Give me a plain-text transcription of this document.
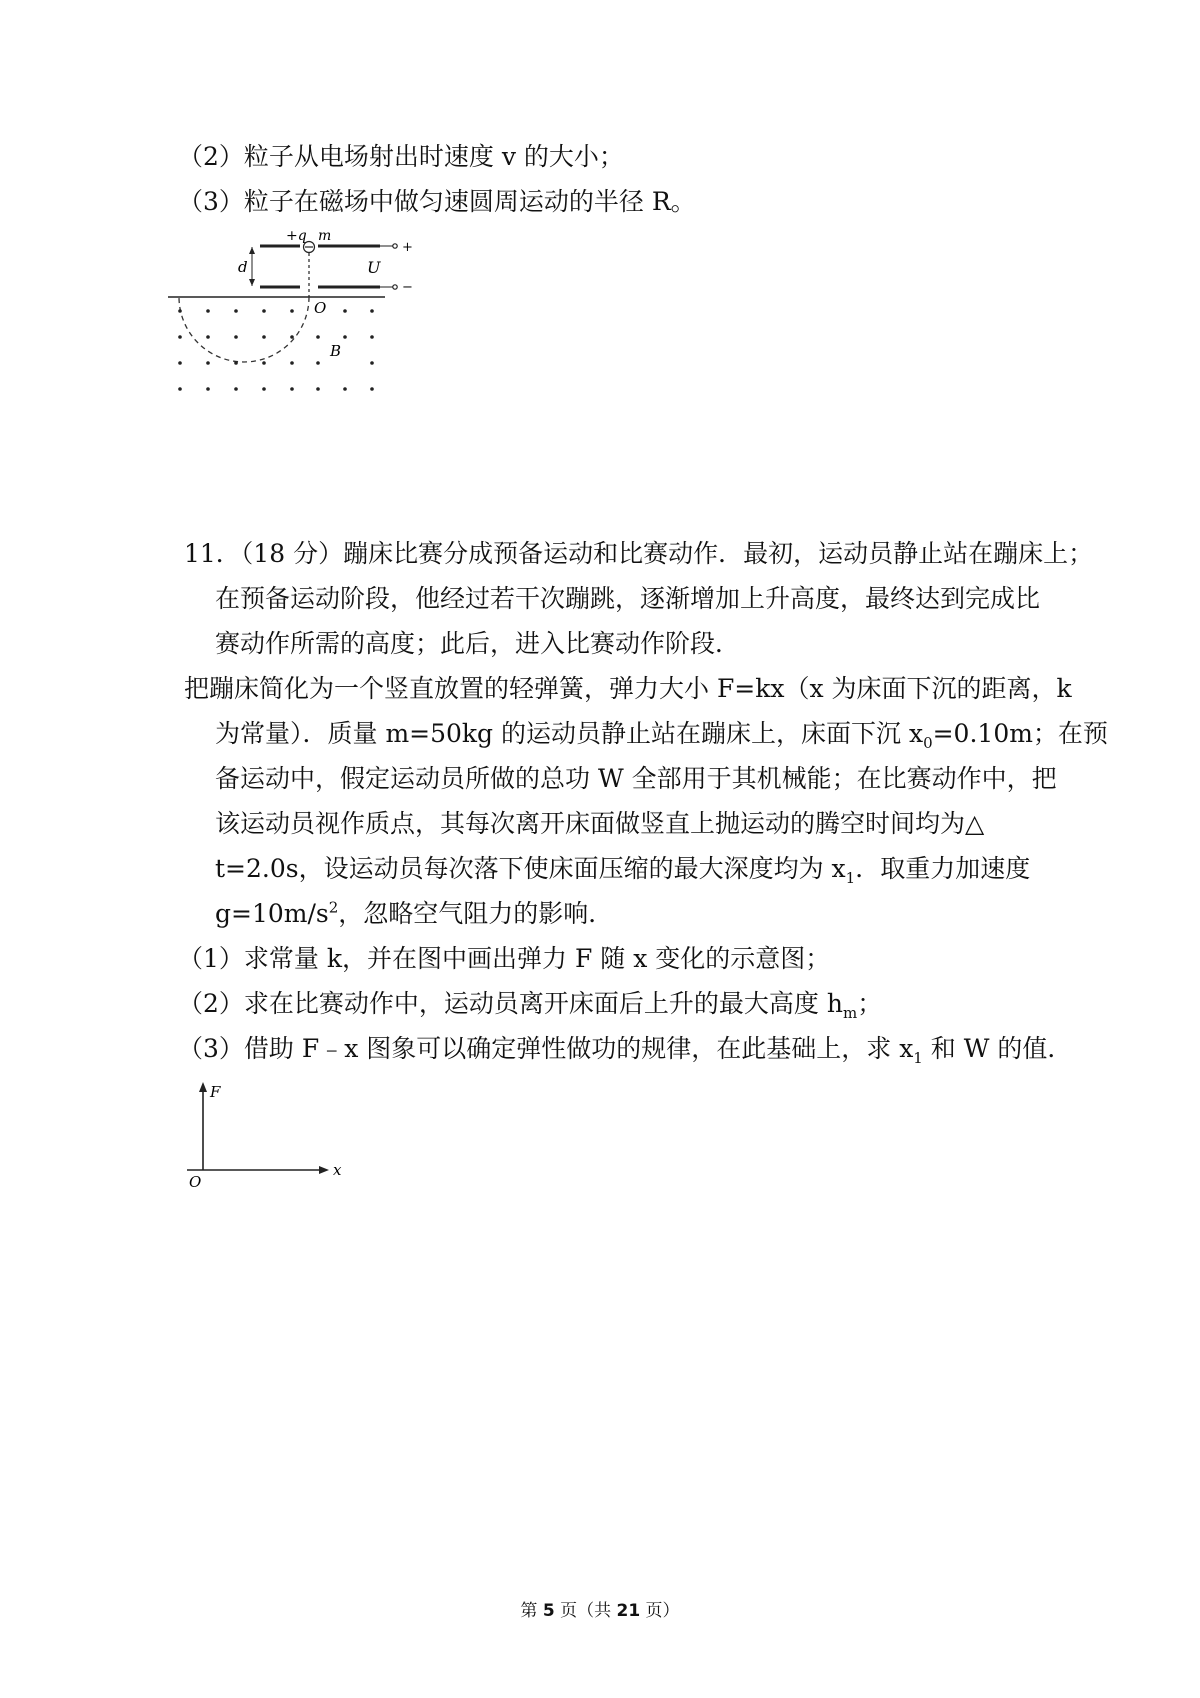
（2）粒子从电场射出时速度 v 的大小；
（3）粒子在磁场中做匀速圆周运动的半径 R。
+q m
d	U
+
−
O
B
11．（18 分）蹦床比赛分成预备运动和比赛动作．最初，运动员静止站在蹦床上；
在预备运动阶段，他经过若干次蹦跳，逐渐增加上升高度，最终达到完成比
赛动作所需的高度；此后，进入比赛动作阶段．
把蹦床简化为一个竖直放置的轻弹簧，弹力大小 F=kx（x 为床面下沉的距离，k
为常量）．质量 m=50kg 的运动员静止站在蹦床上，床面下沉 $x_0=0.10m$；在预
备运动中，假定运动员所做的总功 W 全部用于其机械能；在比赛动作中，把
该运动员视作质点，其每次离开床面做竖直上抛运动的腾空时间均为△
t=2.0s，设运动员每次落下使床面压缩的最大深度均为 $x_1$．取重力加速度
$g=10m/s^2$，忽略空气阻力的影响．
（1）求常量 k，并在图中画出弹力 F 随 x 变化的示意图；
（2）求在比赛动作中，运动员离开床面后上升的最大高度 $h_m$；
（3）借助 F﹣x 图象可以确定弹性做功的规律，在此基础上，求 $x_1$ 和 W 的值．
F
x
O
第 5 页（共 21 页）
